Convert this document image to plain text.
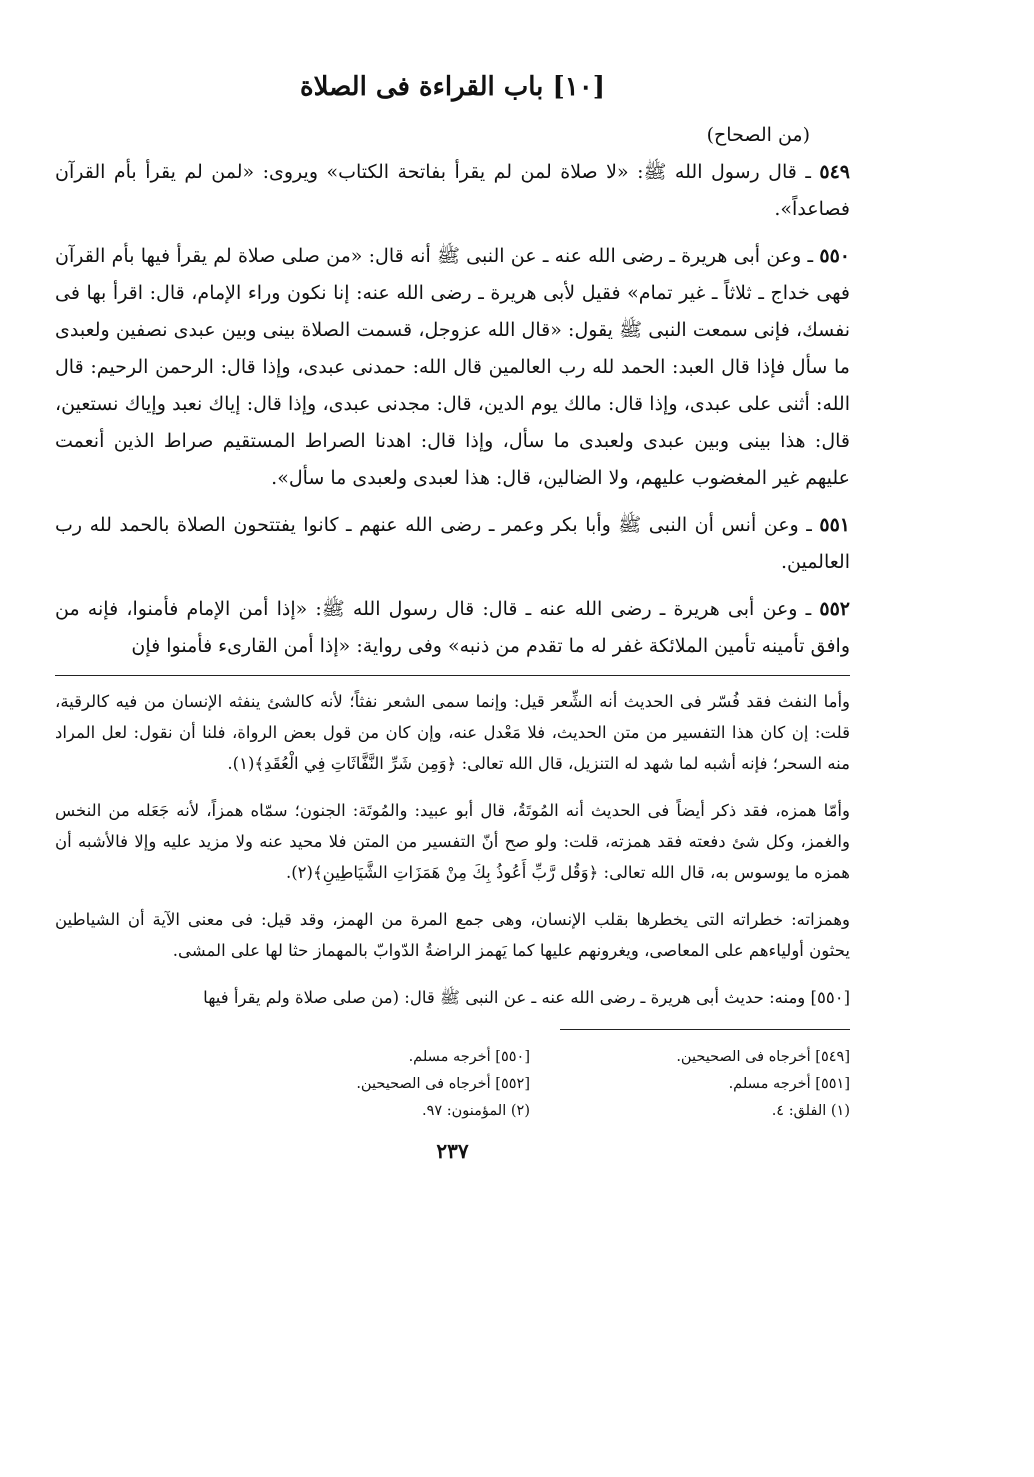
[١٠] باب القراءة فى الصلاة
(من الصحاح)

٥٤٩ ـ قال رسول الله ﷺ: «لا صلاة لمن لم يقرأ بفاتحة الكتاب» ويروى: «لمن لم يقرأ بأم القرآن فصاعداً».

٥٥٠ ـ وعن أبى هريرة ـ رضى الله عنه ـ عن النبى ﷺ أنه قال: «من صلى صلاة لم يقرأ فيها بأم القرآن فهى خداج ـ ثلاثاً ـ غير تمام» فقيل لأبى هريرة ـ رضى الله عنه: إنا نكون وراء الإمام، قال: اقرأ بها فى نفسك، فإنى سمعت النبى ﷺ يقول: «قال الله عزوجل، قسمت الصلاة بينى وبين عبدى نصفين ولعبدى ما سأل فإذا قال العبد: الحمد لله رب العالمين قال الله: حمدنى عبدى، وإذا قال: الرحمن الرحيم: قال الله: أثنى على عبدى، وإذا قال: مالك يوم الدين، قال: مجدنى عبدى، وإذا قال: إياك نعبد وإياك نستعين، قال: هذا بينى وبين عبدى ولعبدى ما سأل، وإذا قال: اهدنا الصراط المستقيم صراط الذين أنعمت عليهم غير المغضوب عليهم، ولا الضالين، قال: هذا لعبدى ولعبدى ما سأل».

٥٥١ ـ وعن أنس أن النبى ﷺ وأبا بكر وعمر ـ رضى الله عنهم ـ كانوا يفتتحون الصلاة بالحمد لله رب العالمين.

٥٥٢ ـ وعن أبى هريرة ـ رضى الله عنه ـ قال: قال رسول الله ﷺ: «إذا أمن الإمام فأمنوا، فإنه من وافق تأمينه تأمين الملائكة غفر له ما تقدم من ذنبه» وفى رواية: «إذا أمن القارىء فأمنوا فإن

وأما النفث فقد فُسّر فى الحديث أنه الشِّعر قيل: وإنما سمى الشعر نفثاً؛ لأنه كالشئ ينفثه الإنسان من فيه كالرقية، قلت: إن كان هذا التفسير من متن الحديث، فلا مَعْدل عنه، وإن كان من قول بعض الرواة، فلنا أن نقول: لعل المراد منه السحر؛ فإنه أشبه لما شهد له التنزيل، قال الله تعالى: ﴿وَمِن شَرِّ النَّفَّاثَاتِ فِي الْعُقَدِ﴾(١).

وأمّا همزه، فقد ذكر أيضاً فى الحديث أنه المُوتَةُ، قال أبو عبيد: والمُوتَة: الجنون؛ سمّاه همزاً، لأنه جَعَله من النخس والغمز، وكل شئ دفعته فقد همزته، قلت: ولو صح أنّ التفسير من المتن فلا محيد عنه ولا مزيد عليه وإلا فالأشبه أن همزه ما يوسوس به، قال الله تعالى: ﴿وَقُل رَّبِّ أَعُوذُ بِكَ مِنْ هَمَزَاتِ الشَّيَاطِينِ﴾(٢).

وهمزاته: خطراته التى يخطرها بقلب الإنسان، وهى جمع المرة من الهمز، وقد قيل: فى معنى الآية أن الشياطين يحثون أولياءهم على المعاصى، ويغرونهم عليها كما يَهمز الراضةُ الدّوابّ بالمهماز حثا لها على المشى.

[٥٥٠] ومنه: حديث أبى هريرة ـ رضى الله عنه ـ عن النبى ﷺ قال: (من صلى صلاة ولم يقرأ فيها

[٥٤٩] أخرجاه فى الصحيحين.
[٥٥١] أخرجه مسلم.
(١) الفلق: ٤.
[٥٥٠] أخرجه مسلم.
[٥٥٢] أخرجاه فى الصحيحين.
(٢) المؤمنون: ٩٧.
٢٣٧
